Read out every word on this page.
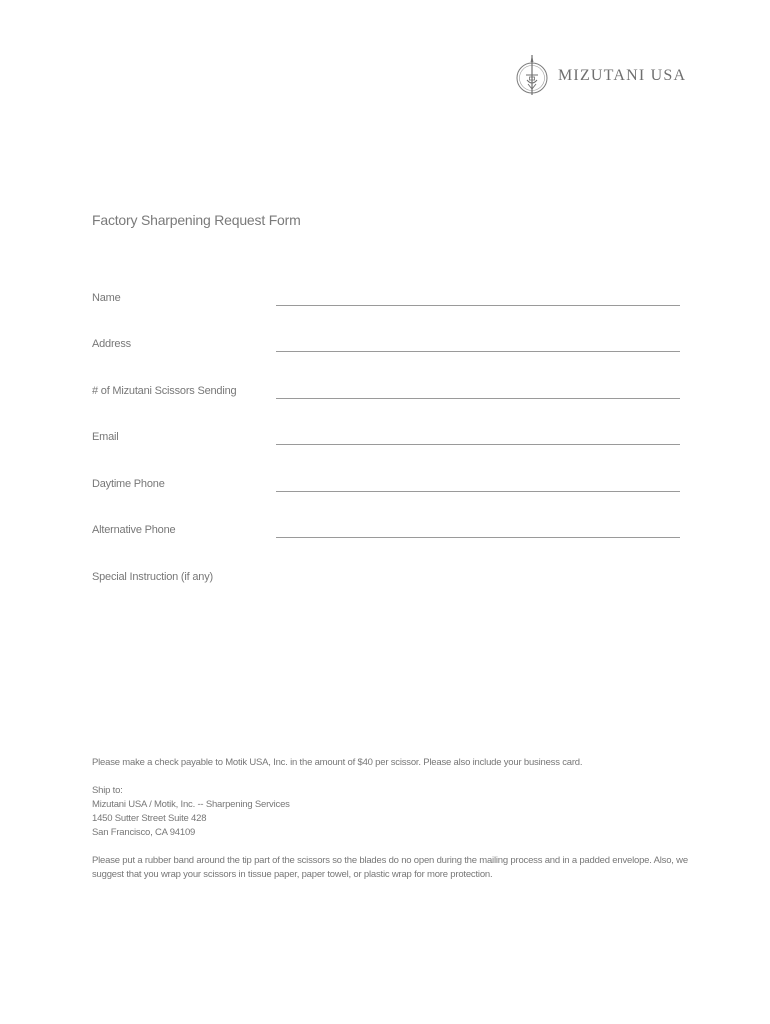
MIZUTANI USA
Factory Sharpening Request Form
Name
Address
# of Mizutani Scissors Sending
Email
Daytime Phone
Alternative Phone
Special Instruction (if any)

Please make a check payable to Motik USA, Inc. in the amount of $40 per scissor. Please also include your business card.

Ship to:

Mizutani USA / Motik, Inc. -- Sharpening Services

1450 Sutter Street Suite 428

San Francisco, CA 94109

Please put a rubber band around the tip part of the scissors so the blades do no open during the mailing process and in a padded envelope. Also, we suggest that you wrap your scissors in tissue paper, paper towel, or plastic wrap for more protection.
